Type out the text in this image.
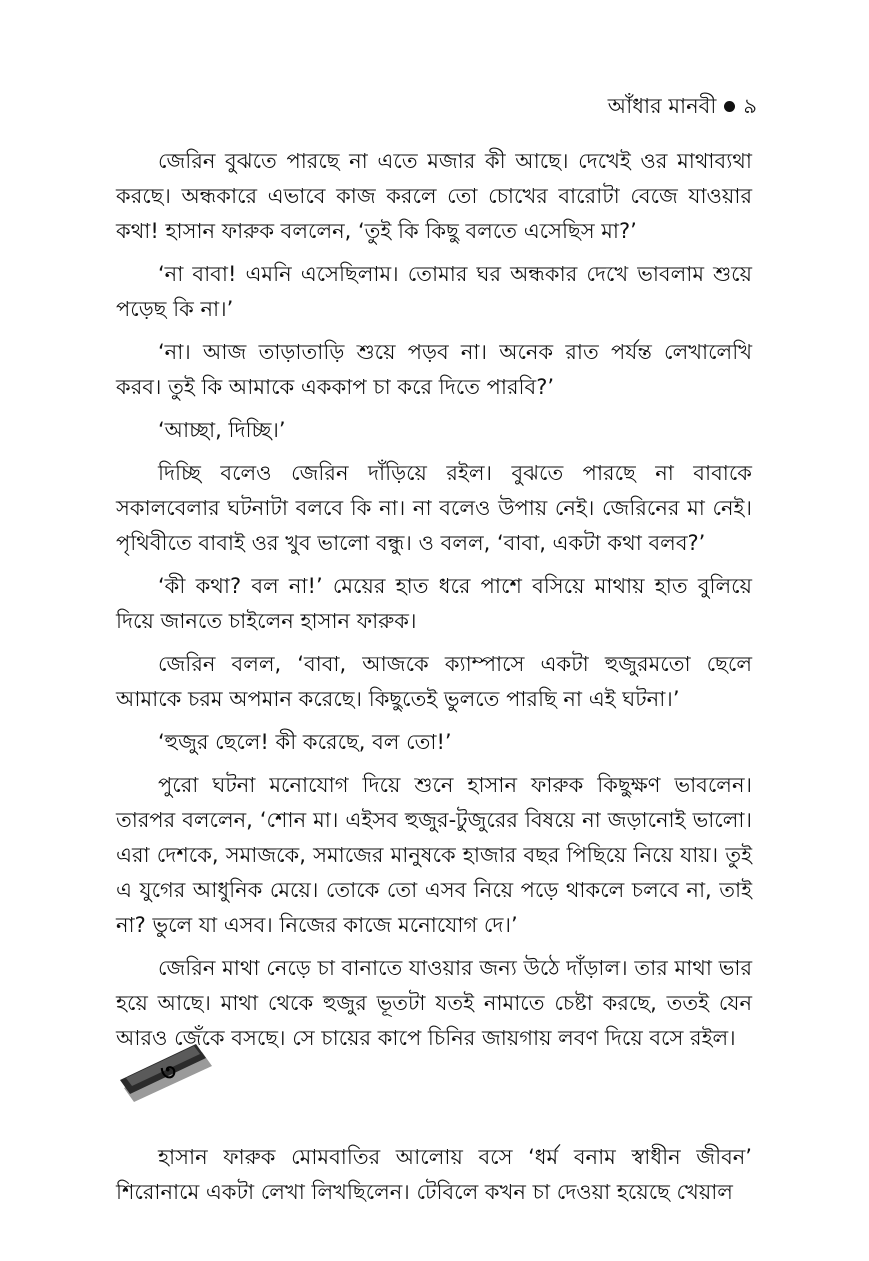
আঁধার মানবী ৯

জেরিন বুঝতে পারছে না এতে মজার কী আছে। দেখেই ওর মাথাব্যথা করছে। অন্ধকারে এভাবে কাজ করলে তো চোখের বারোটা বেজে যাওয়ার কথা! হাসান ফারুক বললেন, ‘তুই কি কিছু বলতে এসেছিস মা?’

‘না বাবা! এমনি এসেছিলাম। তোমার ঘর অন্ধকার দেখে ভাবলাম শুয়ে পড়েছ কি না।’

‘না। আজ তাড়াতাড়ি শুয়ে পড়ব না। অনেক রাত পর্যন্ত লেখালেখি করব। তুই কি আমাকে এককাপ চা করে দিতে পারবি?’

‘আচ্ছা, দিচ্ছি।’

দিচ্ছি বলেও জেরিন দাঁড়িয়ে রইল। বুঝতে পারছে না বাবাকে সকালবেলার ঘটনাটা বলবে কি না। না বলেও উপায় নেই। জেরিনের মা নেই। পৃথিবীতে বাবাই ওর খুব ভালো বন্ধু। ও বলল, ‘বাবা, একটা কথা বলব?’

‘কী কথা? বল না!’ মেয়ের হাত ধরে পাশে বসিয়ে মাথায় হাত বুলিয়ে দিয়ে জানতে চাইলেন হাসান ফারুক।

জেরিন বলল, ‘বাবা, আজকে ক্যাম্পাসে একটা হুজুরমতো ছেলে আমাকে চরম অপমান করেছে। কিছুতেই ভুলতে পারছি না এই ঘটনা।’

‘হুজুর ছেলে! কী করেছে, বল তো!’

পুরো ঘটনা মনোযোগ দিয়ে শুনে হাসান ফারুক কিছুক্ষণ ভাবলেন। তারপর বললেন, ‘শোন মা। এইসব হুজুর-টুজুরের বিষয়ে না জড়ানোই ভালো। এরা দেশকে, সমাজকে, সমাজের মানুষকে হাজার বছর পিছিয়ে নিয়ে যায়। তুই এ যুগের আধুনিক মেয়ে। তোকে তো এসব নিয়ে পড়ে থাকলে চলবে না, তাই না? ভুলে যা এসব। নিজের কাজে মনোযোগ দে।’

জেরিন মাথা নেড়ে চা বানাতে যাওয়ার জন্য উঠে দাঁড়াল। তার মাথা ভার হয়ে আছে। মাথা থেকে হুজুর ভূতটা যতই নামাতে চেষ্টা করছে, ততই যেন আরও জেঁকে বসছে। সে চায়ের কাপে চিনির জায়গায় লবণ দিয়ে বসে রইল।

৩

হাসান ফারুক মোমবাতির আলোয় বসে ‘ধর্ম বনাম স্বাধীন জীবন’ শিরোনামে একটা লেখা লিখছিলেন। টেবিলে কখন চা দেওয়া হয়েছে খেয়াল
